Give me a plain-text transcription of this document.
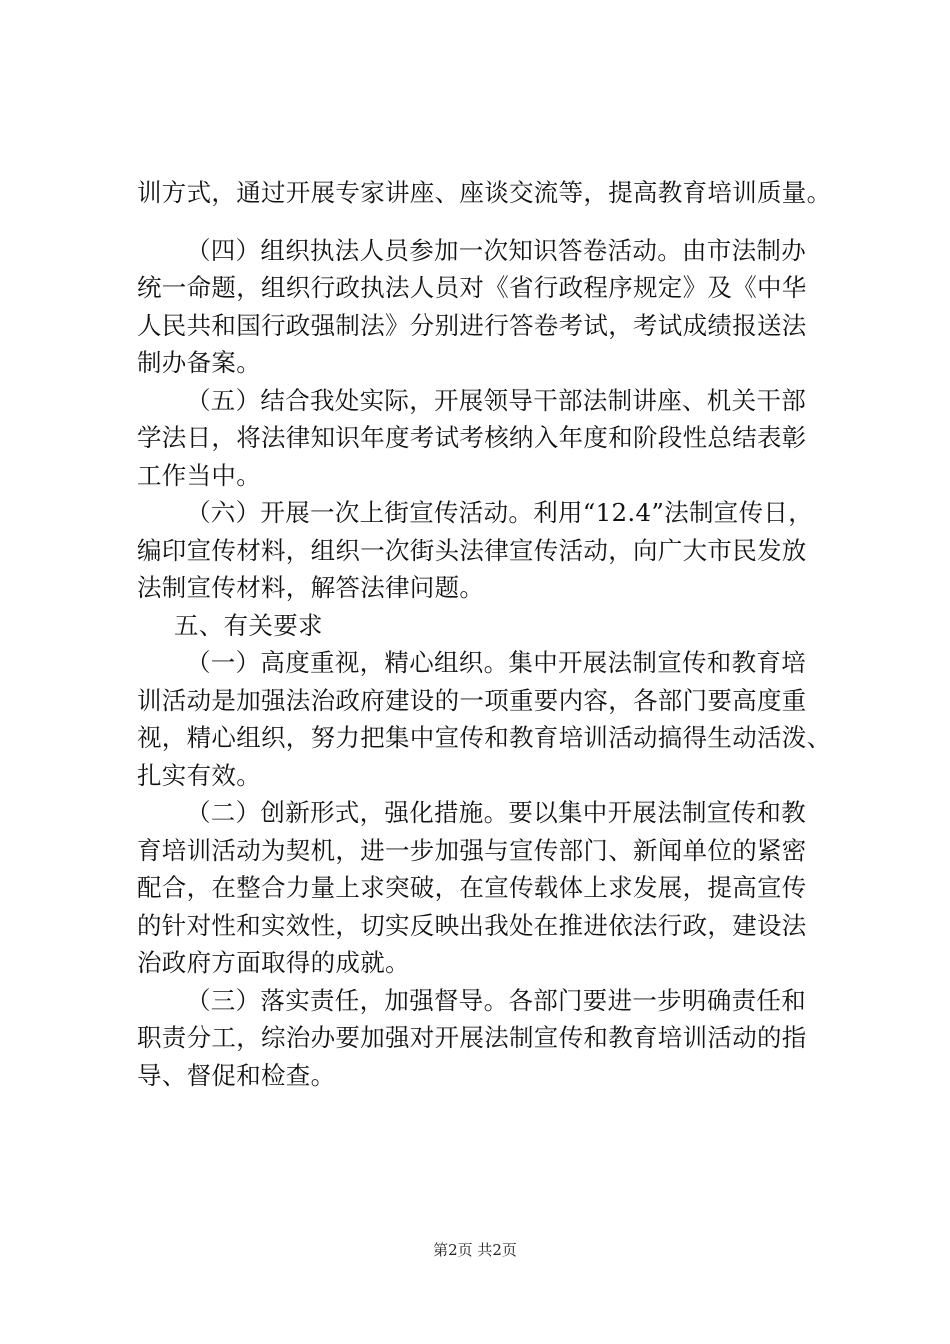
训方式，通过开展专家讲座、座谈交流等，提高教育培训质量。
（四）组织执法人员参加一次知识答卷活动。由市法制办
统一命题，组织行政执法人员对《省行政程序规定》及《中华
人民共和国行政强制法》分别进行答卷考试，考试成绩报送法
制办备案。
（五）结合我处实际，开展领导干部法制讲座、机关干部
学法日，将法律知识年度考试考核纳入年度和阶段性总结表彰
工作当中。
（六）开展一次上街宣传活动。利用“12.4”法制宣传日，
编印宣传材料，组织一次街头法律宣传活动，向广大市民发放
法制宣传材料，解答法律问题。
五、有关要求
（一）高度重视，精心组织。集中开展法制宣传和教育培
训活动是加强法治政府建设的一项重要内容，各部门要高度重
视，精心组织，努力把集中宣传和教育培训活动搞得生动活泼、
扎实有效。
（二）创新形式，强化措施。要以集中开展法制宣传和教
育培训活动为契机，进一步加强与宣传部门、新闻单位的紧密
配合，在整合力量上求突破，在宣传载体上求发展，提高宣传
的针对性和实效性，切实反映出我处在推进依法行政，建设法
治政府方面取得的成就。
（三）落实责任，加强督导。各部门要进一步明确责任和
职责分工，综治办要加强对开展法制宣传和教育培训活动的指
导、督促和检查。
第2页 共2页
